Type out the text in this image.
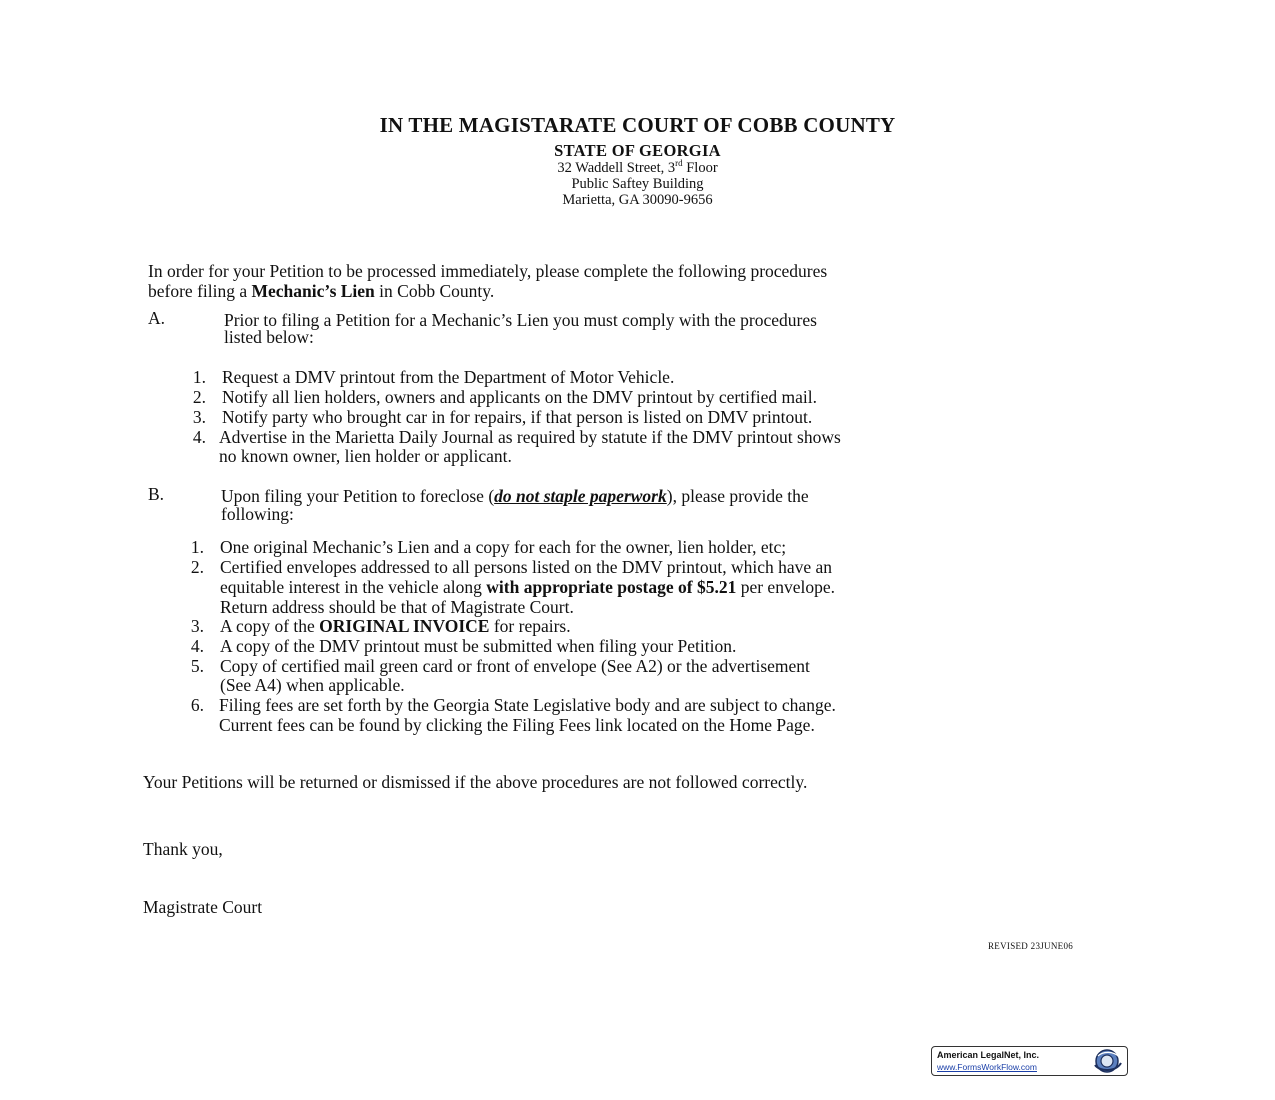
IN THE MAGISTARATE COURT OF COBB COUNTY
STATE OF GEORGIA
32 Waddell Street, 3rd Floor
Public Saftey Building
Marietta, GA 30090-9656
In order for your Petition to be processed immediately, please complete the following procedures
before filing a Mechanic’s Lien in Cobb County.
A.	Prior to filing a Petition for a Mechanic’s Lien you must comply with the procedures
listed below:
1. Request a DMV printout from the Department of Motor Vehicle.
2. Notify all lien holders, owners and applicants on the DMV printout by certified mail.
3. Notify party who brought car in for repairs, if that person is listed on DMV printout.
4. Advertise in the Marietta Daily Journal as required by statute if the DMV printout shows
no known owner, lien holder or applicant.
B.	Upon filing your Petition to foreclose (do not staple paperwork), please provide the
following:
1. One original Mechanic’s Lien and a copy for each for the owner, lien holder, etc;
2. Certified envelopes addressed to all persons listed on the DMV printout, which have an
equitable interest in the vehicle along with appropriate postage of $5.21 per envelope.
Return address should be that of Magistrate Court.
3. A copy of the ORIGINAL INVOICE for repairs.
4. A copy of the DMV printout must be submitted when filing your Petition.
5. Copy of certified mail green card or front of envelope (See A2) or the advertisement
(See A4) when applicable.
6. Filing fees are set forth by the Georgia State Legislative body and are subject to change.
Current fees can be found by clicking the Filing Fees link located on the Home Page.
Your Petitions will be returned or dismissed if the above procedures are not followed correctly.
Thank you,
Magistrate Court
REVISED 23JUNE06
American LegalNet, Inc.
www.FormsWorkFlow.com
